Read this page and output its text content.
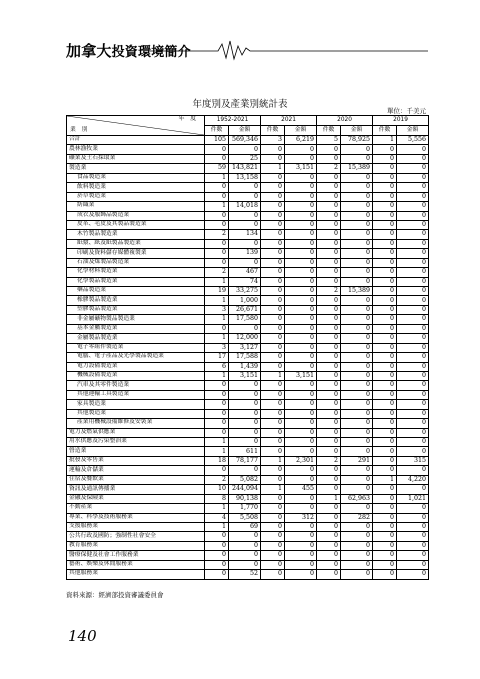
加拿大投資環境簡介
年度別及產業別統計表
單位：千美元
年　度
業　別	1952-2021		2021		2020		2019	
	件數	金額	件數	金額	件數	金額	件數	金額
合計	105	569,346	3	6,219	5	78,925	1	5,556
農林漁牧業	0	0	0	0	0	0	0	0
礦業及土石採取業	0	25	0	0	0	0	0	0
製造業	59	143,821	1	3,151	2	15,389	0	0
食品製造業	1	13,158	0	0	0	0	0	0
飲料製造業	0	0	0	0	0	0	0	0
菸草製造業	0	0	0	0	0	0	0	0
紡織業	1	14,018	0	0	0	0	0	0
成衣及服飾品製造業	0	0	0	0	0	0	0	0
皮革、毛皮及其製品製造業	0	0	0	0	0	0	0	0
木竹製品製造業	2	134	0	0	0	0	0	0
紙漿、紙及紙製品製造業	0	0	0	0	0	0	0	0
印刷及資料儲存媒體複製業	0	139	0	0	0	0	0	0
石油及煤製品製造業	0	0	0	0	0	0	0	0
化學材料製造業	2	467	0	0	0	0	0	0
化學製品製造業	1	74	0	0	0	0	0	0
藥品製造業	19	33,275	0	0	2	15,389	0	0
橡膠製品製造業	1	1,000	0	0	0	0	0	0
塑膠製品製造業	3	26,671	0	0	0	0	0	0
非金屬礦物製品製造業	1	17,580	0	0	0	0	0	0
基本金屬製造業	0	0	0	0	0	0	0	0
金屬製品製造業	1	12,000	0	0	0	0	0	0
電子零組件製造業	3	3,127	0	0	0	0	0	0
電腦、電子產品及光學製品製造業	17	17,588	0	0	0	0	0	0
電力設備製造業	6	1,439	0	0	0	0	0	0
機械設備製造業	1	3,151	1	3,151	0	0	0	0
汽車及其零件製造業	0	0	0	0	0	0	0	0
其他運輸工具製造業	0	0	0	0	0	0	0	0
家具製造業	0	0	0	0	0	0	0	0
其他製造業	0	0	0	0	0	0	0	0
產業用機械設備維修及安裝業	0	0	0	0	0	0	0	0
電力及燃氣供應業	0	0	0	0	0	0	0	0
用水供應及污染整治業	1	0	0	0	0	0	0	0
營造業	1	611	0	0	0	0	0	0
批發及零售業	18	78,177	1	2,301	2	291	0	315
運輸及倉儲業	0	0	0	0	0	0	0	0
住宿及餐飲業	2	5,082	0	0	0	0	1	4,220
資訊及通訊傳播業	10	244,094	1	455	0	0	0	0
金融及保險業	8	90,138	0	0	1	62,963	0	1,021
不動產業	1	1,770	0	0	0	0	0	0
專業、科學及技術服務業	4	5,508	0	312	0	282	0	0
支援服務業	1	69	0	0	0	0	0	0
公共行政及國防；強制性社會安全	0	0	0	0	0	0	0	0
教育服務業	0	0	0	0	0	0	0	0
醫療保健及社會工作服務業	0	0	0	0	0	0	0	0
藝術、娛樂及休閒服務業	0	0	0	0	0	0	0	0
其他服務業	0	52	0	0	0	0	0	0
資料來源：經濟部投資審議委員會
140
